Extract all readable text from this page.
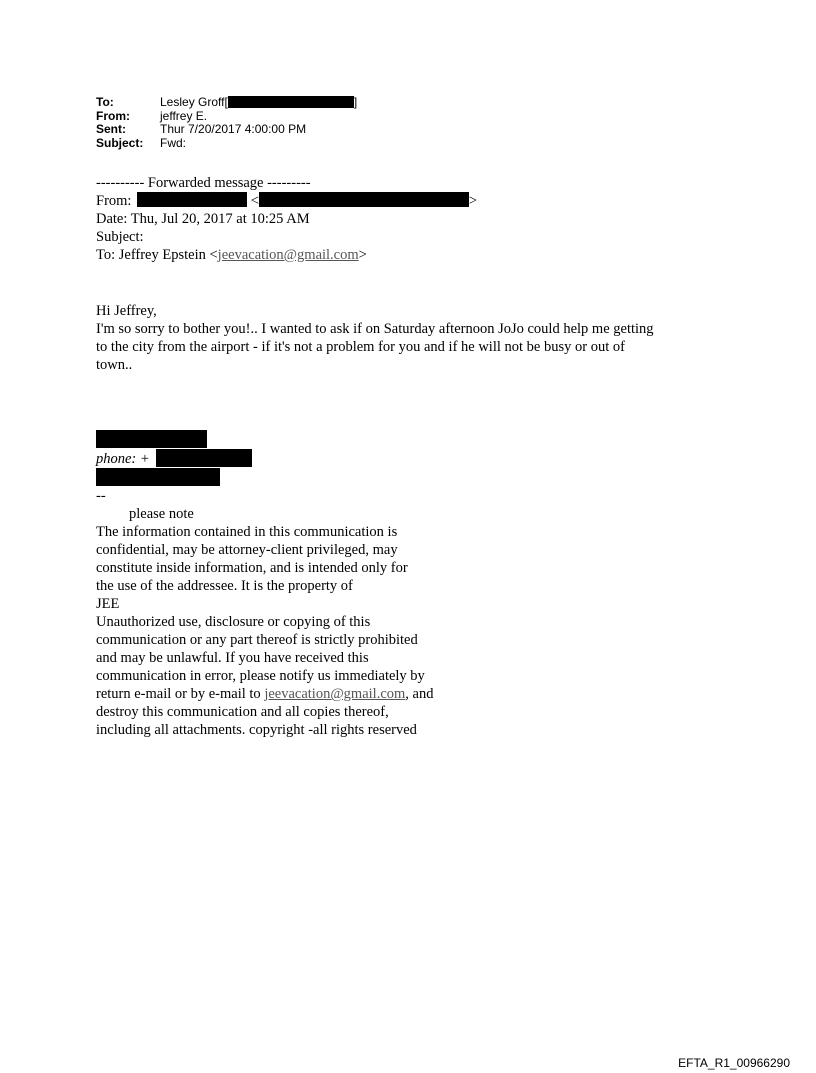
To:	Lesley Groff[	]
From:	jeffrey E.
Sent:	Thur 7/20/2017 4:00:00 PM
Subject:	Fwd:
---------- Forwarded message ---------
From:	<	>
Date: Thu, Jul 20, 2017 at 10:25 AM
Subject:
To: Jeffrey Epstein <jeevacation@gmail.com>
Hi Jeffrey,
I'm so sorry to bother you!.. I wanted to ask if on Saturday afternoon JoJo could help me getting
to the city from the airport - if it's not a problem for you and if he will not be busy or out of
town..
phone: +
--
please note
The information contained in this communication is
confidential, may be attorney-client privileged, may
constitute inside information, and is intended only for
the use of the addressee. It is the property of
JEE
Unauthorized use, disclosure or copying of this
communication or any part thereof is strictly prohibited
and may be unlawful. If you have received this
communication in error, please notify us immediately by
return e-mail or by e-mail to jeevacation@gmail.com, and
destroy this communication and all copies thereof,
including all attachments. copyright -all rights reserved
EFTA_R1_00966290
